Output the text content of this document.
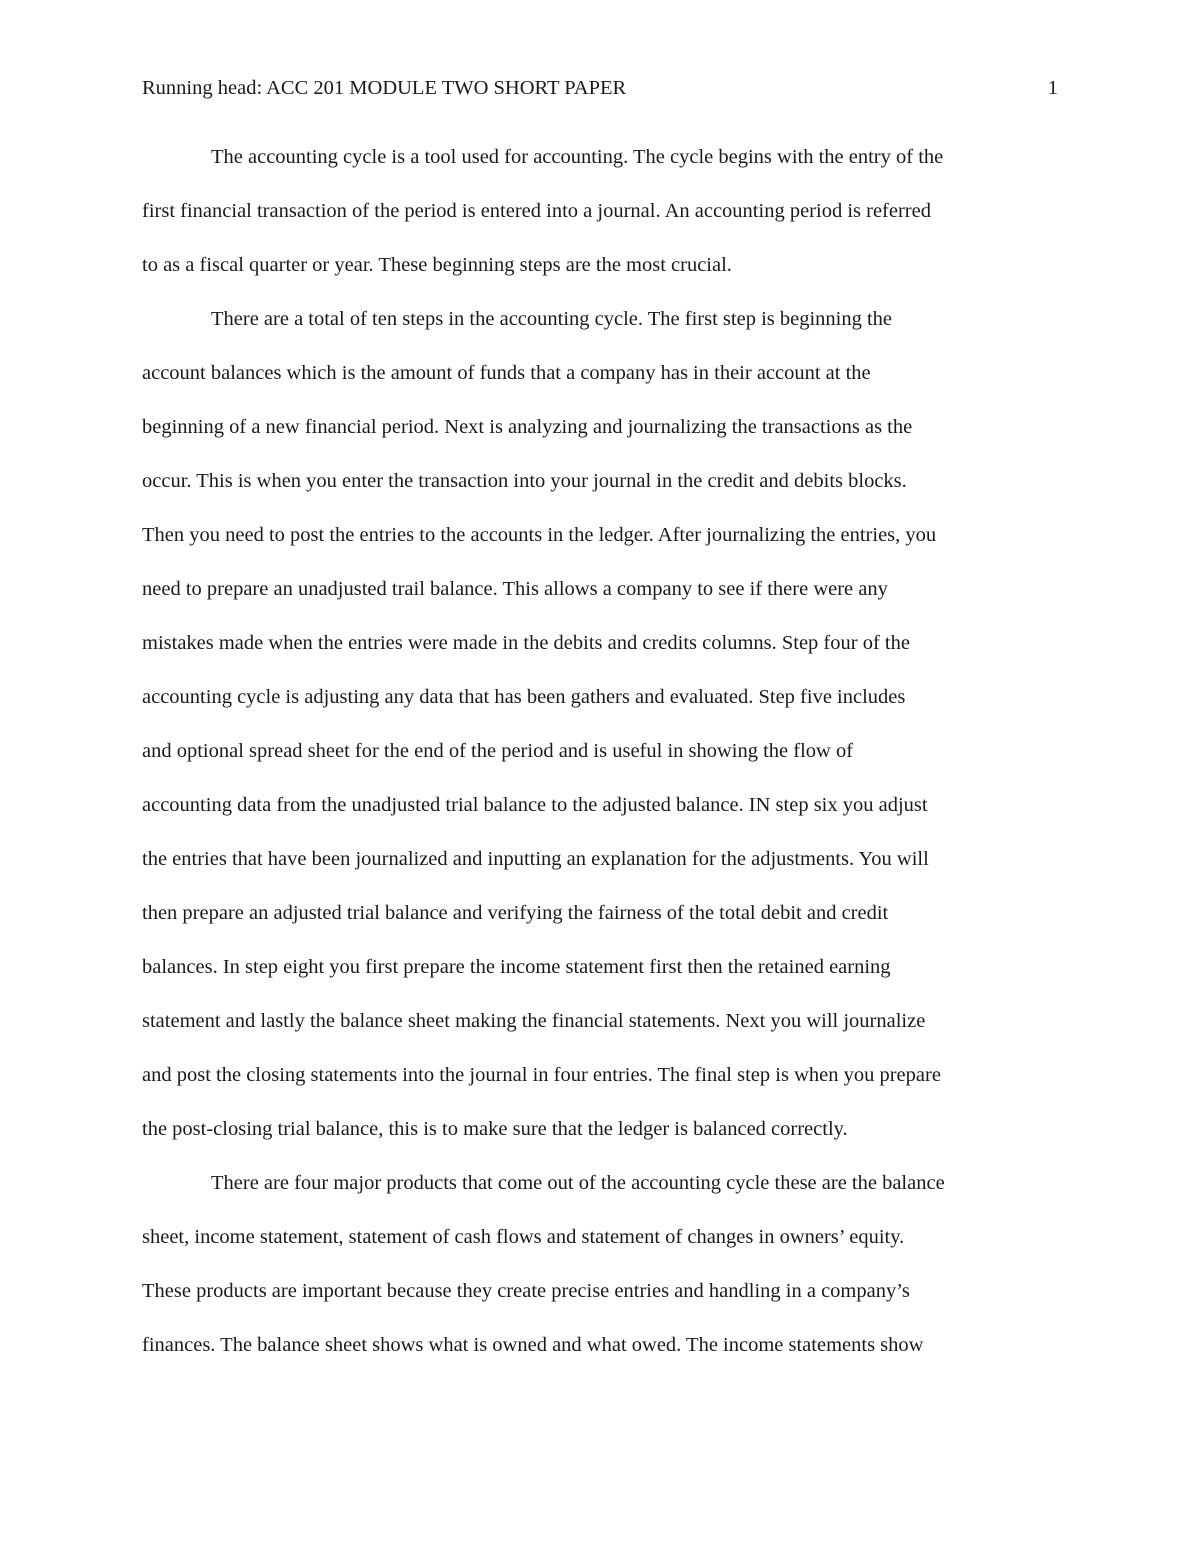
Running head: ACC 201 MODULE TWO SHORT PAPER	1
The accounting cycle is a tool used for accounting. The cycle begins with the entry of the
first financial transaction of the period is entered into a journal. An accounting period is referred
to as a fiscal quarter or year. These beginning steps are the most crucial.
There are a total of ten steps in the accounting cycle. The first step is beginning the
account balances which is the amount of funds that a company has in their account at the
beginning of a new financial period. Next is analyzing and journalizing the transactions as the
occur. This is when you enter the transaction into your journal in the credit and debits blocks.
Then you need to post the entries to the accounts in the ledger. After journalizing the entries, you
need to prepare an unadjusted trail balance. This allows a company to see if there were any
mistakes made when the entries were made in the debits and credits columns. Step four of the
accounting cycle is adjusting any data that has been gathers and evaluated. Step five includes
and optional spread sheet for the end of the period and is useful in showing the flow of
accounting data from the unadjusted trial balance to the adjusted balance. IN step six you adjust
the entries that have been journalized and inputting an explanation for the adjustments. You will
then prepare an adjusted trial balance and verifying the fairness of the total debit and credit
balances. In step eight you first prepare the income statement first then the retained earning
statement and lastly the balance sheet making the financial statements. Next you will journalize
and post the closing statements into the journal in four entries. The final step is when you prepare
the post-closing trial balance, this is to make sure that the ledger is balanced correctly.
There are four major products that come out of the accounting cycle these are the balance
sheet, income statement, statement of cash flows and statement of changes in owners’ equity.
These products are important because they create precise entries and handling in a company’s
finances. The balance sheet shows what is owned and what owed. The income statements show
